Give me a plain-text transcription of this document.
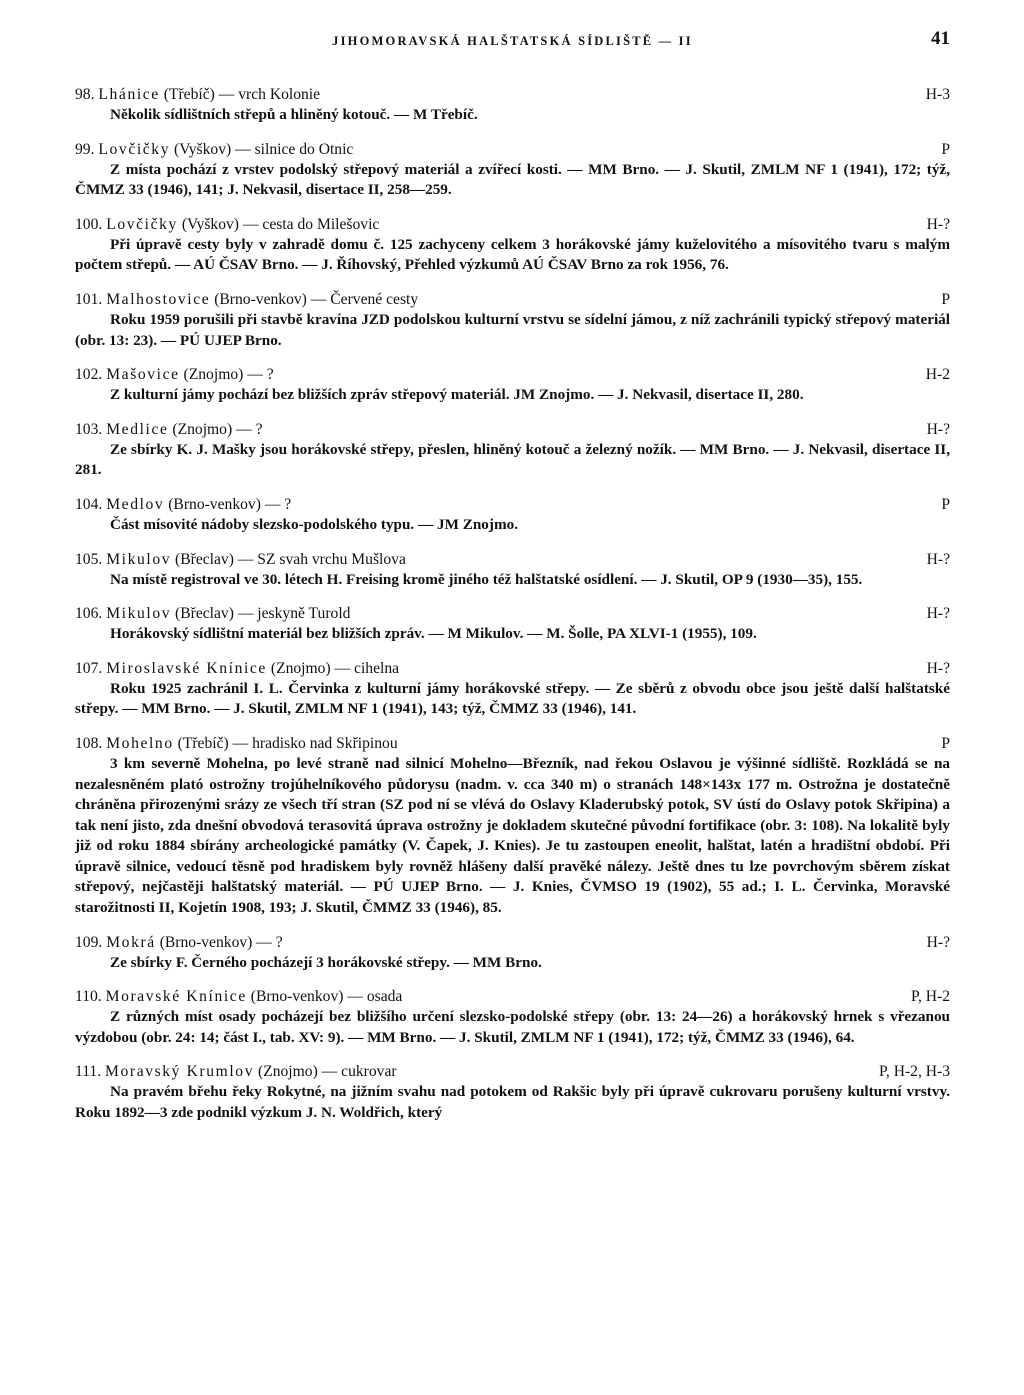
JIHOMORAVSKÁ HALŠTATSKÁ SÍDLIŠTĚ — II	41
98. Lhánice (Třebíč) — vrch Kolonie	H-3

Několik sídlištních střepů a hliněný kotouč. — M Třebíč.

99. Lovčičky (Vyškov) — silnice do Otnic	P

Z místa pochází z vrstev podolský střepový materiál a zvířecí kosti. — MM Brno. — J. Skutil, ZMLM NF 1 (1941), 172; týž, ČMMZ 33 (1946), 141; J. Nekvasil, disertace II, 258—259.

100. Lovčičky (Vyškov) — cesta do Milešovic	H-?

Při úpravě cesty byly v zahradě domu č. 125 zachyceny celkem 3 horákovské jámy kuželovitého a mísovitého tvaru s malým počtem střepů. — AÚ ČSAV Brno. — J. Říhovský, Přehled výzkumů AÚ ČSAV Brno za rok 1956, 76.

101. Malhostovice (Brno-venkov) — Červené cesty	P

Roku 1959 porušili při stavbě kravína JZD podolskou kulturní vrstvu se sídelní jámou, z níž zachránili typický střepový materiál (obr. 13: 23). — PÚ UJEP Brno.

102. Mašovice (Znojmo) — ?	H-2

Z kulturní jámy pochází bez bližších zpráv střepový materiál. JM Znojmo. — J. Nekvasil, disertace II, 280.

103. Medlice (Znojmo) — ?	H-?

Ze sbírky K. J. Mašky jsou horákovské střepy, přeslen, hliněný kotouč a železný nožík. — MM Brno. — J. Nekvasil, disertace II, 281.

104. Medlov (Brno-venkov) — ?	P

Část mísovité nádoby slezsko-podolského typu. — JM Znojmo.

105. Mikulov (Břeclav) — SZ svah vrchu Mušlova	H-?

Na místě registroval ve 30. létech H. Freising kromě jiného též halštatské osídlení. — J. Skutil, OP 9 (1930—35), 155.

106. Mikulov (Břeclav) — jeskyně Turold	H-?

Horákovský sídlištní materiál bez bližších zpráv. — M Mikulov. — M. Šolle, PA XLVI-1 (1955), 109.

107. Miroslavské Knínice (Znojmo) — cihelna	H-?

Roku 1925 zachránil I. L. Červinka z kulturní jámy horákovské střepy. — Ze sběrů z obvodu obce jsou ještě další halštatské střepy. — MM Brno. — J. Skutil, ZMLM NF 1 (1941), 143; týž, ČMMZ 33 (1946), 141.

108. Mohelno (Třebíč) — hradisko nad Skřipinou	P

3 km severně Mohelna, po levé straně nad silnicí Mohelno—Březník, nad řekou Oslavou je výšinné sídliště. Rozkládá se na nezalesněném plató ostrožny trojúhelníkového půdorysu (nadm. v. cca 340 m) o stranách 148×143x 177 m. Ostrožna je dostatečně chráněna přirozenými srázy ze všech tří stran (SZ pod ní se vlévá do Oslavy Kladerubský potok, SV ústí do Oslavy potok Skřipina) a tak není jisto, zda dnešní obvodová terasovitá úprava ostrožny je dokladem skutečné původní fortifikace (obr. 3: 108). Na lokalitě byly již od roku 1884 sbírány archeologické památky (V. Čapek, J. Knies). Je tu zastoupen eneolit, halštat, latén a hradištní období. Při úpravě silnice, vedoucí těsně pod hradiskem byly rovněž hlášeny další pravěké nálezy. Ještě dnes tu lze povrchovým sběrem získat střepový, nejčastěji halštatský materiál. — PÚ UJEP Brno. — J. Knies, ČVMSO 19 (1902), 55 ad.; I. L. Červinka, Moravské starožitnosti II, Kojetín 1908, 193; J. Skutil, ČMMZ 33 (1946), 85.

109. Mokrá (Brno-venkov) — ?	H-?

Ze sbírky F. Černého pocházejí 3 horákovské střepy. — MM Brno.

110. Moravské Knínice (Brno-venkov) — osada	P, H-2

Z různých míst osady pocházejí bez bližšího určení slezsko-podolské střepy (obr. 13: 24—26) a horákovský hrnek s vřezanou výzdobou (obr. 24: 14; část I., tab. XV: 9). — MM Brno. — J. Skutil, ZMLM NF 1 (1941), 172; týž, ČMMZ 33 (1946), 64.

111. Moravský Krumlov (Znojmo) — cukrovar	P, H-2, H-3

Na pravém břehu řeky Rokytné, na jižním svahu nad potokem od Rakšic byly při úpravě cukrovaru porušeny kulturní vrstvy. Roku 1892—3 zde podnikl výzkum J. N. Woldřich, který
